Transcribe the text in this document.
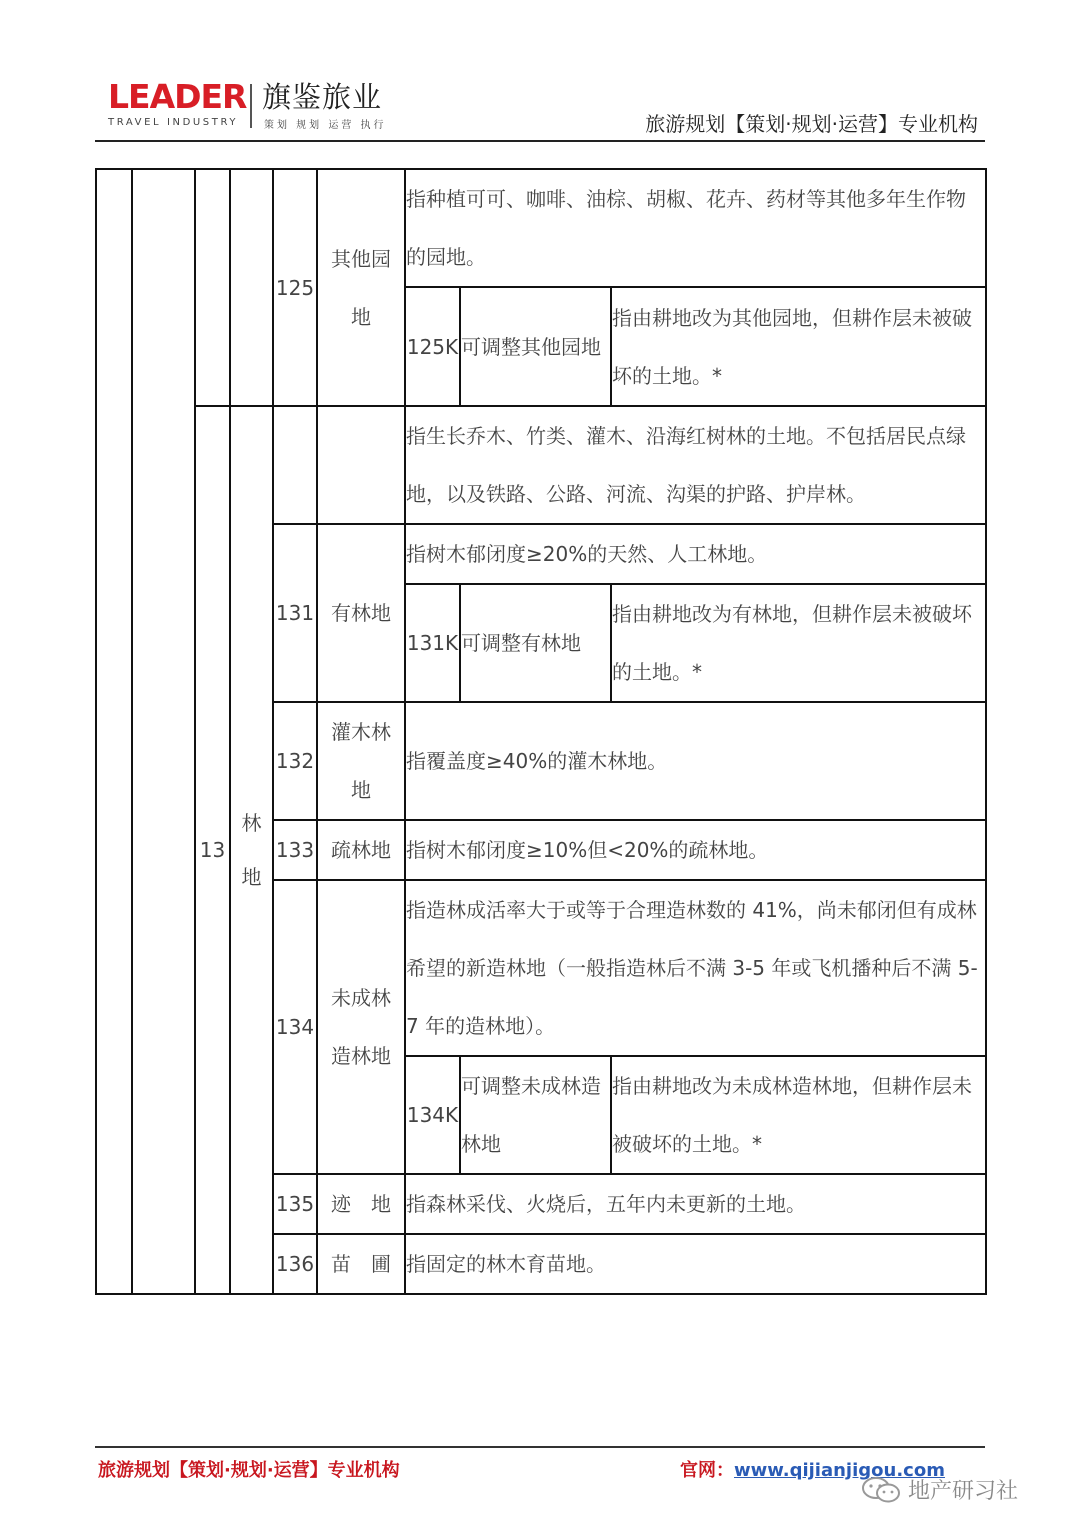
LEADER
TRAVEL INDUSTRY
旗鉴旅业
策划 规划 运营 执行	旅游规划【策划·规划·运营】专业机构
				125	其他园地	指种植可可、咖啡、油棕、胡椒、花卉、药材等其他多年生作物的园地。		
						125K	可调整其他园地	指由耕地改为其他园地，但耕作层未被破坏的土地。*
		13	林地			指生长乔木、竹类、灌木、沿海红树林的土地。不包括居民点绿地，以及铁路、公路、河流、沟渠的护路、护岸林。		
				131	有林地	指树木郁闭度≥20%的天然、人工林地。		
						131K	可调整有林地	指由耕地改为有林地，但耕作层未被破坏的土地。*
				132	灌木林地	指覆盖度≥40%的灌木林地。		
				133	疏林地	指树木郁闭度≥10%但<20%的疏林地。		
				134	未成林造林地	指造林成活率大于或等于合理造林数的 41%，尚未郁闭但有成林希望的新造林地（一般指造林后不满 3-5 年或飞机播种后不满 5-7 年的造林地）。		
						134K	可调整未成林造林地	指由耕地改为未成林造林地，但耕作层未被破坏的土地。*
				135	迹　地	指森林采伐、火烧后，五年内未更新的土地。		
				136	苗　圃	指固定的林木育苗地。		
旅游规划【策划·规划·运营】专业机构	官网：www.qijianjigou.com
地产研习社
